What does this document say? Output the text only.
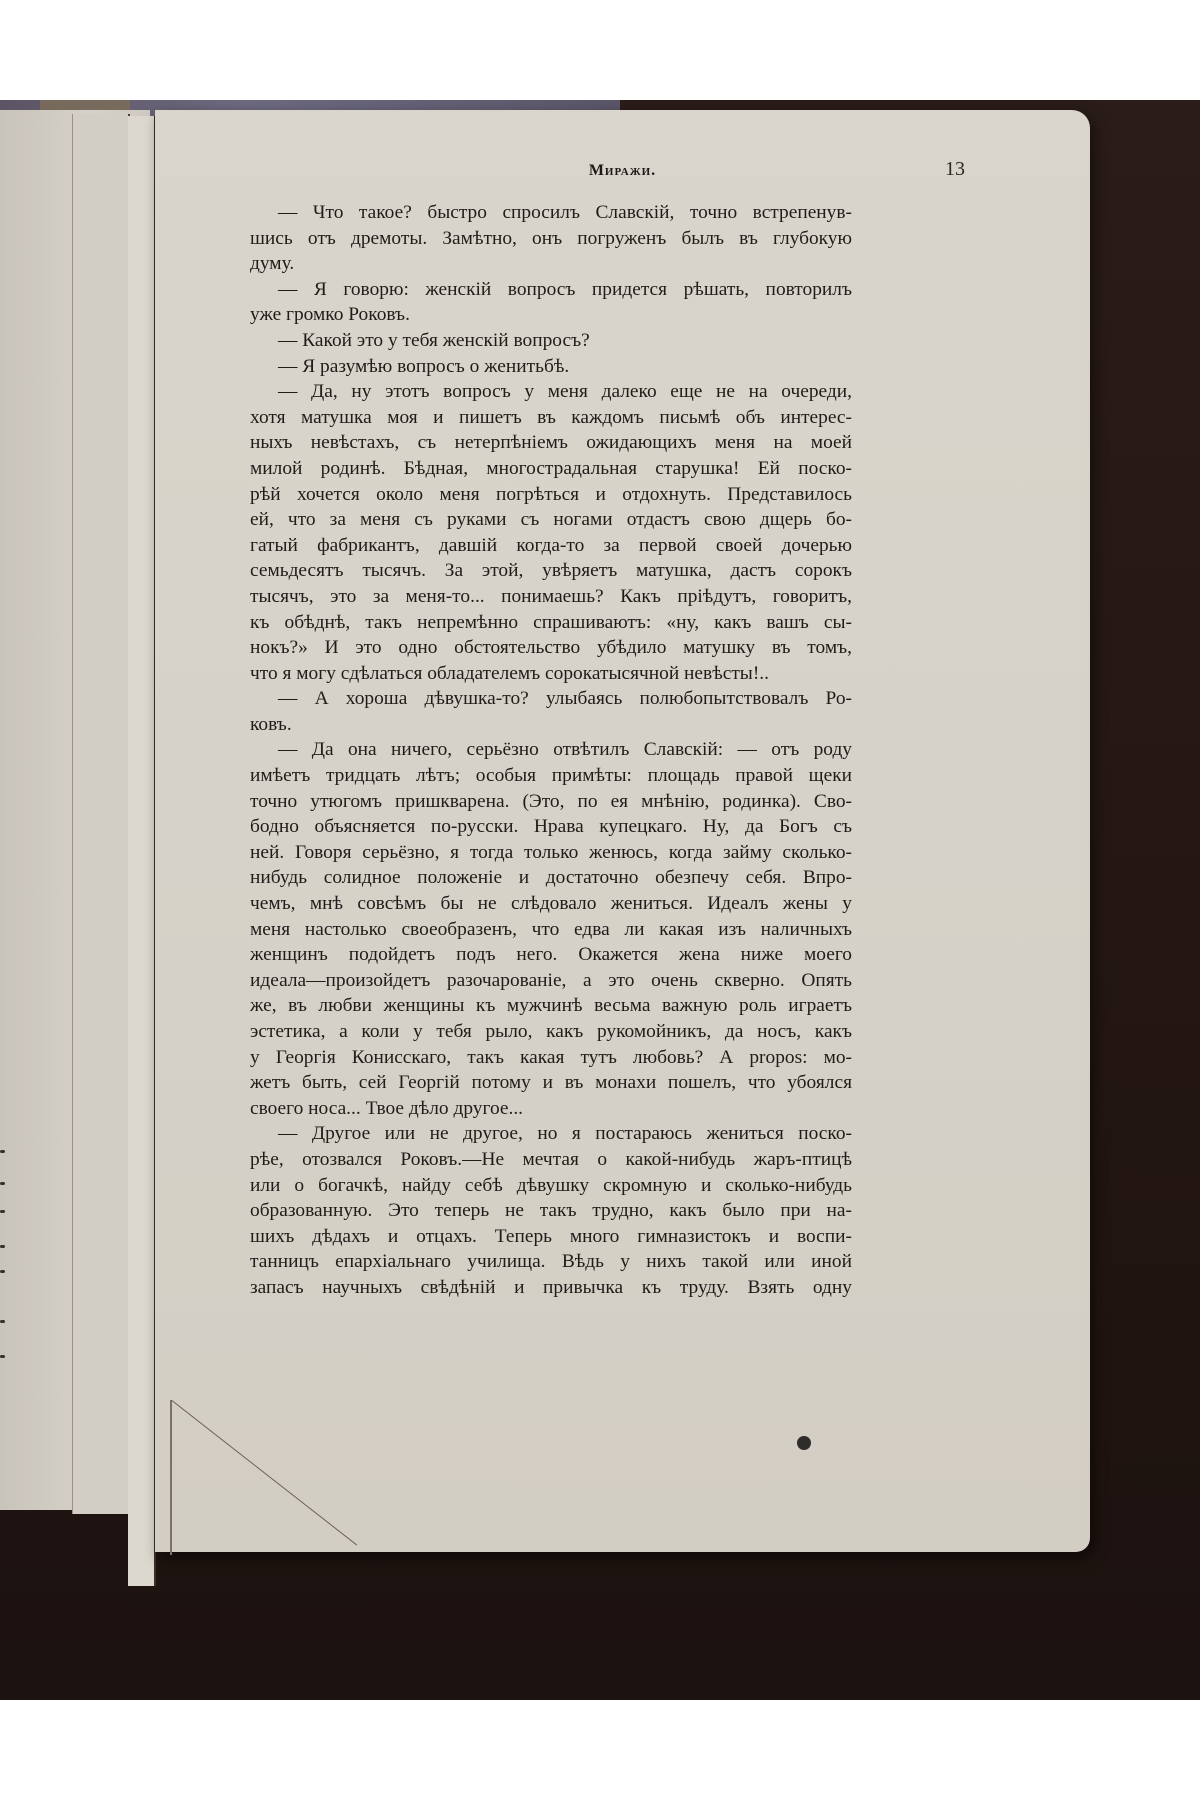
Миражи.	13
— Что такое? быстро спросилъ Славскій, точно встрепенув-
шись отъ дремоты. Замѣтно, онъ погруженъ былъ въ глубокую
думу.
— Я говорю: женскій вопросъ придется рѣшать, повторилъ
уже громко Роковъ.
— Какой это у тебя женскій вопросъ?
— Я разумѣю вопросъ о женитьбѣ.
— Да, ну этотъ вопросъ у меня далеко еще не на очереди,
хотя матушка моя и пишетъ въ каждомъ письмѣ объ интерес-
ныхъ невѣстахъ, съ нетерпѣніемъ ожидающихъ меня на моей
милой родинѣ. Бѣдная, многострадальная старушка! Ей поско-
рѣй хочется около меня погрѣться и отдохнуть. Представилось
ей, что за меня съ руками съ ногами отдастъ свою дщерь бо-
гатый фабрикантъ, давшій когда-то за первой своей дочерью
семьдесятъ тысячъ. За этой, увѣряетъ матушка, дастъ сорокъ
тысячъ, это за меня-то... понимаешь? Какъ пріѣдутъ, говоритъ,
къ обѣднѣ, такъ непремѣнно спрашиваютъ: «ну, какъ вашъ сы-
нокъ?» И это одно обстоятельство убѣдило матушку въ томъ,
что я могу сдѣлаться обладателемъ сорокатысячной невѣсты!..
— А хороша дѣвушка-то? улыбаясь полюбопытствовалъ Ро-
ковъ.
— Да она ничего, серьёзно отвѣтилъ Славскій: — отъ роду
имѣетъ тридцать лѣтъ; особыя примѣты: площадь правой щеки
точно утюгомъ пришкварена. (Это, по ея мнѣнію, родинка). Сво-
бодно объясняется по-русски. Нрава купецкаго. Ну, да Богъ съ
ней. Говоря серьёзно, я тогда только женюсь, когда займу сколько-
нибудь солидное положеніе и достаточно обезпечу себя. Впро-
чемъ, мнѣ совсѣмъ бы не слѣдовало жениться. Идеалъ жены у
меня настолько своеобразенъ, что едва ли какая изъ наличныхъ
женщинъ подойдетъ подъ него. Окажется жена ниже моего
идеала—произойдетъ разочарованіе, а это очень скверно. Опять
же, въ любви женщины къ мужчинѣ весьма важную роль играетъ
эстетика, а коли у тебя рыло, какъ рукомойникъ, да носъ, какъ
у Георгія Конисскаго, такъ какая тутъ любовь? А propos: мо-
жетъ быть, сей Георгій потому и въ монахи пошелъ, что убоялся
своего носа... Твое дѣло другое...
— Другое или не другое, но я постараюсь жениться поско-
рѣе, отозвался Роковъ.—Не мечтая о какой-нибудь жаръ-птицѣ
или о богачкѣ, найду себѣ дѣвушку скромную и сколько-нибудь
образованную. Это теперь не такъ трудно, какъ было при на-
шихъ дѣдахъ и отцахъ. Теперь много гимназистокъ и воспи-
танницъ епархіальнаго училища. Вѣдь у нихъ такой или иной
запасъ научныхъ свѣдѣній и привычка къ труду. Взять одну
